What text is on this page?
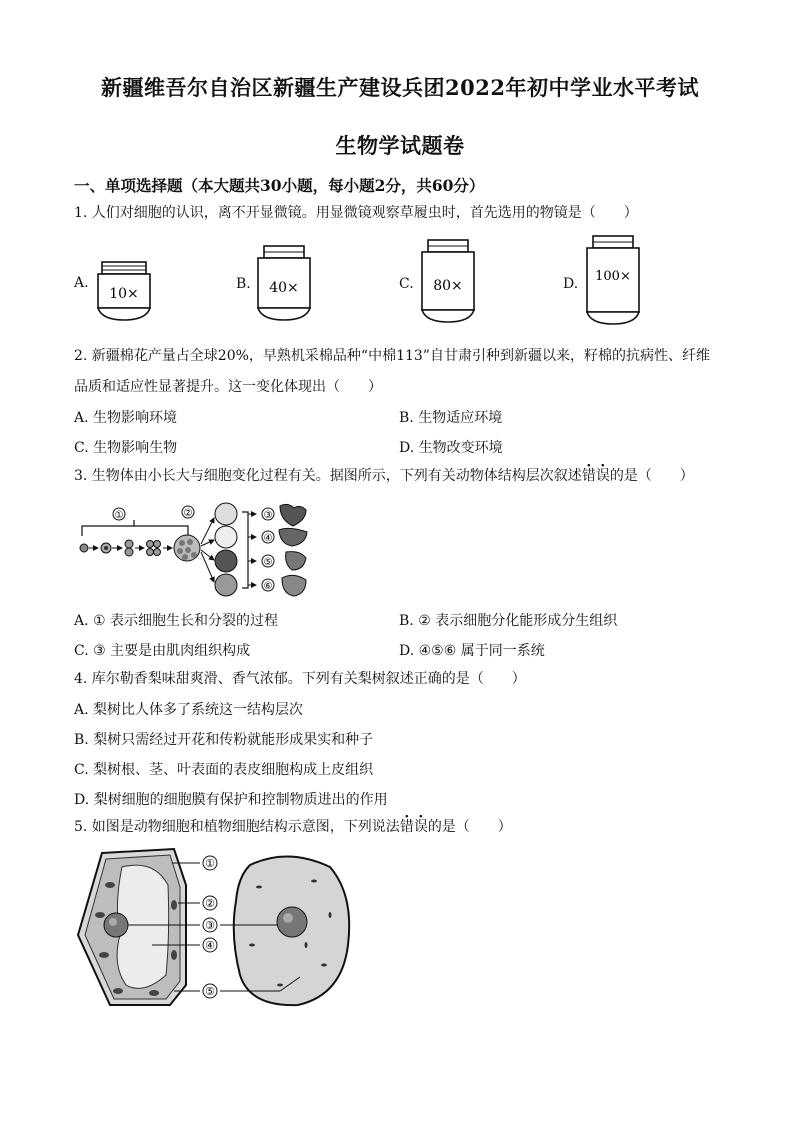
新疆维吾尔自治区新疆生产建设兵团2022年初中学业水平考试
生物学试题卷
一、单项选择题（本大题共30小题，每小题2分，共60分）
1. 人们对细胞的认识，离不开显微镜。用显微镜观察草履虫时，首先选用的物镜是（　　）
A.
10×
B. 40×	C. 80×	D. 100×
2. 新疆棉花产量占全球20%，早熟机采棉品种“中棉113”自甘肃引种到新疆以来，籽棉的抗病性、纤维
品质和适应性显著提升。这一变化体现出（　　）
A. 生物影响环境	B. 生物适应环境
C. 生物影响生物	D. 生物改变环境
3. 生物体由小长大与细胞变化过程有关。据图所示，下列有关动物体结构层次叙述错误的是（　　）
①	②	③
④
⑤
⑥
A. ① 表示细胞生长和分裂的过程	B. ② 表示细胞分化能形成分生组织
C. ③ 主要是由肌肉组织构成	D. ④⑤⑥ 属于同一系统
4. 库尔勒香梨味甜爽滑、香气浓郁。下列有关梨树叙述正确的是（　　）
A. 梨树比人体多了系统这一结构层次
B. 梨树只需经过开花和传粉就能形成果实和种子
C. 梨树根、茎、叶表面的表皮细胞构成上皮组织
D. 梨树细胞的细胞膜有保护和控制物质进出的作用
5. 如图是动物细胞和植物细胞结构示意图，下列说法错误的是（　　）
①
②
③
④
⑤
